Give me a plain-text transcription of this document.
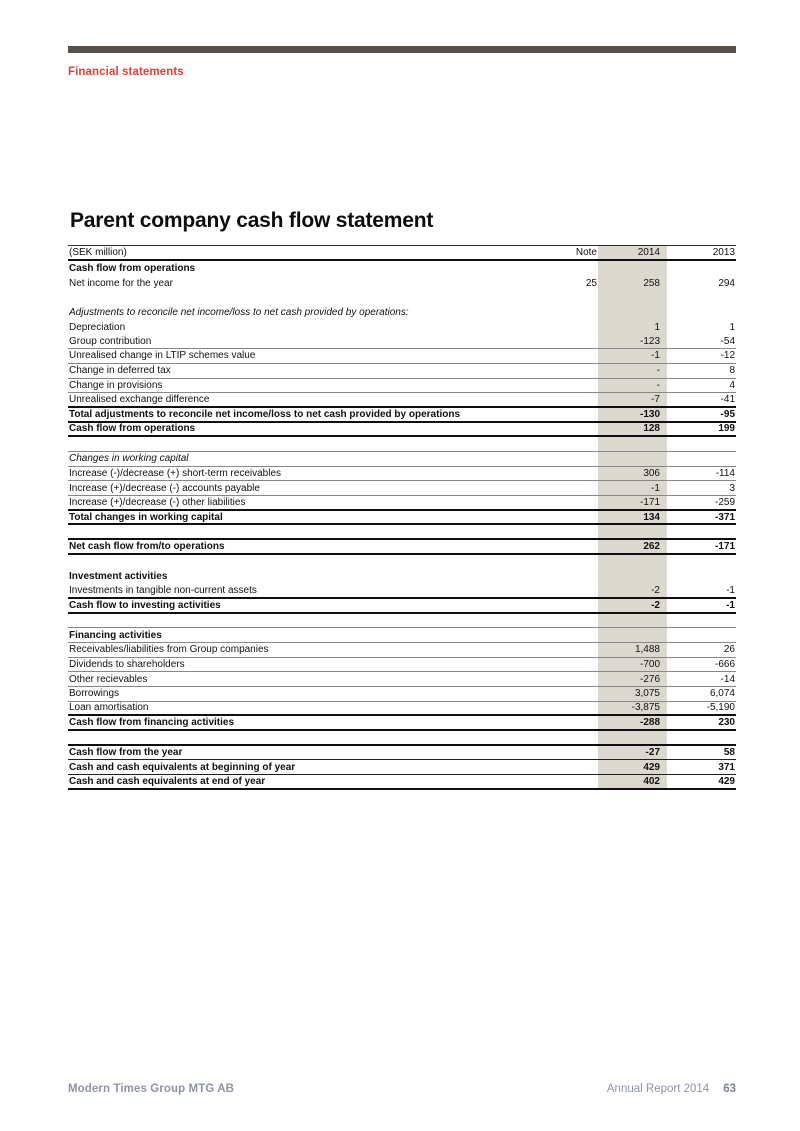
Financial statements
Parent company cash flow statement
(SEK million)	Note	2014	2013
Cash flow from operations
Net income for the year	25	258	294
Adjustments to reconcile net income/loss to net cash provided by operations:
Depreciation	1	1
Group contribution	-123	-54
Unrealised change in LTIP schemes value	-1	-12
Change in deferred tax	-	8
Change in provisions	-	4
Unrealised exchange difference	-7	-41
Total adjustments to reconcile net income/loss to net cash provided by operations	-130	-95
Cash flow from operations	128	199
Changes in working capital
Increase (-)/decrease (+) short-term receivables	306	-114
Increase (+)/decrease (-) accounts payable	-1	3
Increase (+)/decrease (-) other liabilities	-171	-259
Total changes in working capital	134	-371
Net cash flow from/to operations	262	-171
Investment activities
Investments in tangible non-current assets	-2	-1
Cash flow to investing activities	-2	-1
Financing activities
Receivables/liabilities from Group companies	1,488	26
Dividends to shareholders	-700	-666
Other recievables	-276	-14
Borrowings	3,075	6,074
Loan amortisation	-3,875	-5,190
Cash flow from financing activities	-288	230
Cash flow from the year	-27	58
Cash and cash equivalents at beginning of year	429	371
Cash and cash equivalents at end of year	402	429
Modern Times Group MTG AB	Annual Report 2014 63
